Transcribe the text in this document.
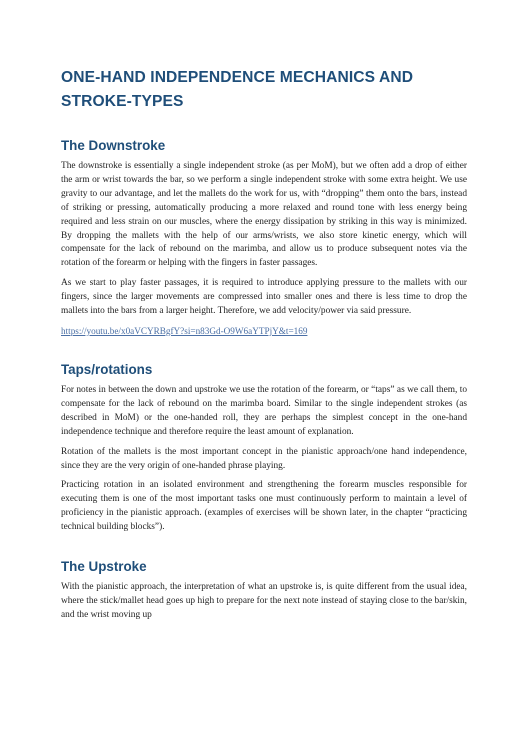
ONE-HAND INDEPENDENCE MECHANICS AND STROKE-TYPES
The Downstroke

The downstroke is essentially a single independent stroke (as per MoM), but we often add a drop of either the arm or wrist towards the bar, so we perform a single independent stroke with some extra height. We use gravity to our advantage, and let the mallets do the work for us, with “dropping” them onto the bars, instead of striking or pressing, automatically producing a more relaxed and round tone with less energy being required and less strain on our muscles, where the energy dissipation by striking in this way is minimized. By dropping the mallets with the help of our arms/wrists, we also store kinetic energy, which will compensate for the lack of rebound on the marimba, and allow us to produce subsequent notes via the rotation of the forearm or helping with the fingers in faster passages.

As we start to play faster passages, it is required to introduce applying pressure to the mallets with our fingers, since the larger movements are compressed into smaller ones and there is less time to drop the mallets into the bars from a larger height. Therefore, we add velocity/power via said pressure.

https://youtu.be/x0aVCYRBgfY?si=n83Gd-O9W6aYTPjY&t=169
Taps/rotations

For notes in between the down and upstroke we use the rotation of the forearm, or “taps” as we call them, to compensate for the lack of rebound on the marimba board. Similar to the single independent strokes (as described in MoM) or the one-handed roll, they are perhaps the simplest concept in the one-hand independence technique and therefore require the least amount of explanation.

Rotation of the mallets is the most important concept in the pianistic approach/one hand independence, since they are the very origin of one-handed phrase playing.

Practicing rotation in an isolated environment and strengthening the forearm muscles responsible for executing them is one of the most important tasks one must continuously perform to maintain a level of proficiency in the pianistic approach. (examples of exercises will be shown later, in the chapter “practicing technical building blocks”).

The Upstroke

With the pianistic approach, the interpretation of what an upstroke is, is quite different from the usual idea, where the stick/mallet head goes up high to prepare for the next note instead of staying close to the bar/skin, and the wrist moving up
